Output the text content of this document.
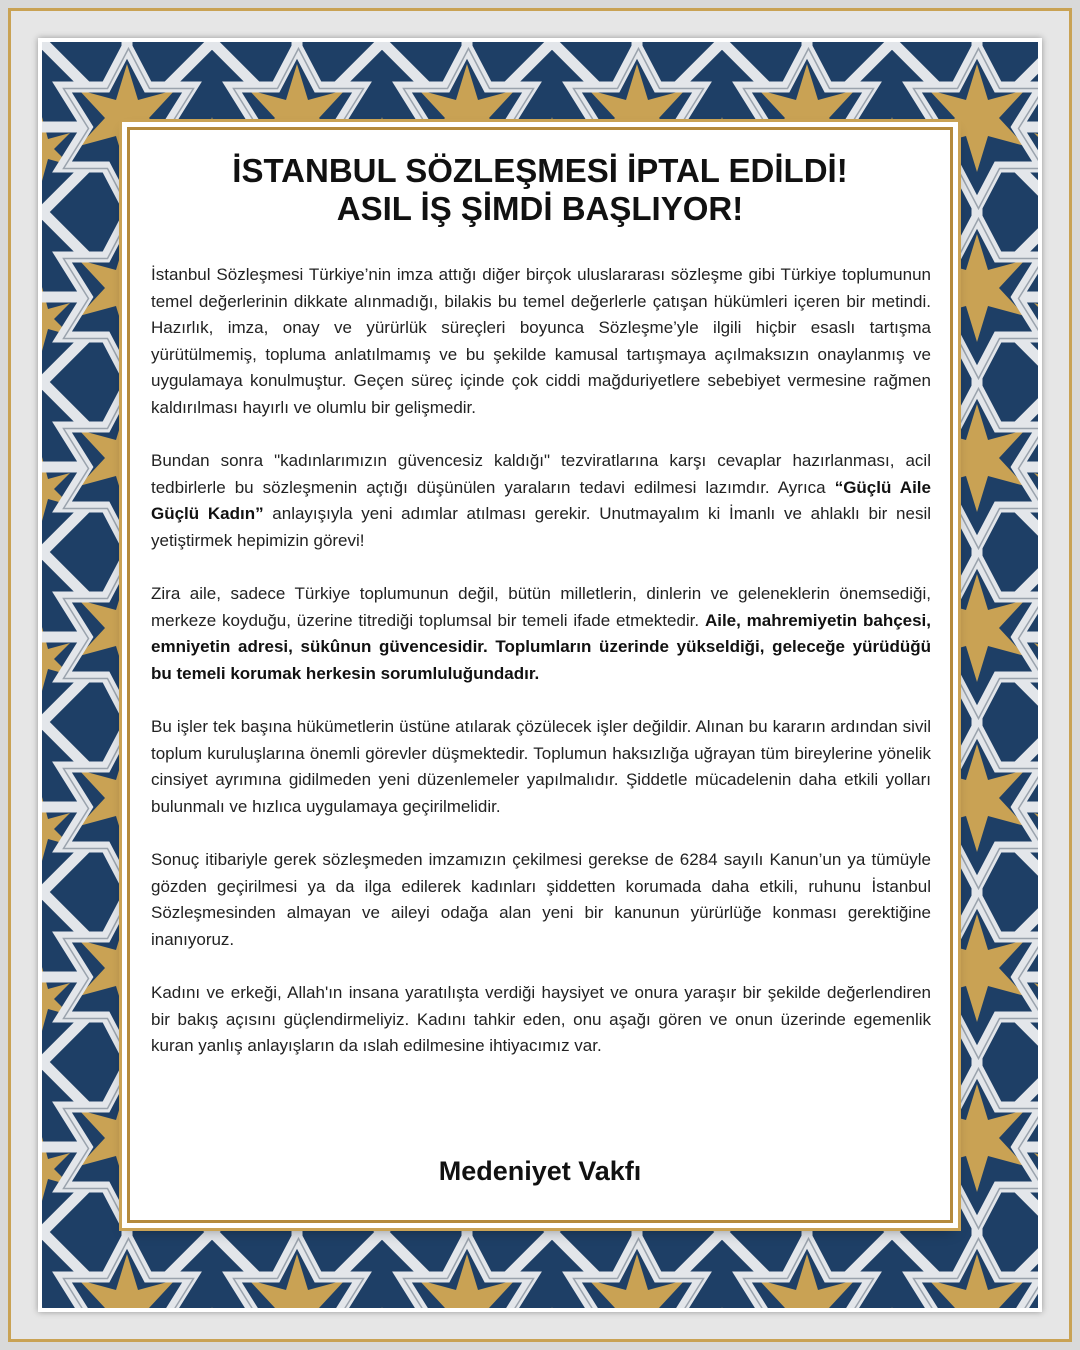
İSTANBUL SÖZLEŞMESİ İPTAL EDİLDİ!
ASIL İŞ ŞİMDİ BAŞLIYOR!

İstanbul Sözleşmesi Türkiye’nin imza attığı diğer birçok uluslararası sözleşme gibi Türkiye toplumunun temel değerlerinin dikkate alınmadığı, bilakis bu temel değerlerle çatışan hükümleri içeren bir metindi. Hazırlık, imza, onay ve yürürlük süreçleri boyunca Sözleşme’yle ilgili hiçbir esaslı tartışma yürütülmemiş, topluma anlatılmamış ve bu şekilde kamusal tartışmaya açılmaksızın onaylanmış ve uygulamaya konulmuştur. Geçen süreç içinde çok ciddi mağduriyetlere sebebiyet vermesine rağmen kaldırılması hayırlı ve olumlu bir gelişmedir.

Bundan sonra "kadınlarımızın güvencesiz kaldığı" tezviratlarına karşı cevaplar hazırlanması, acil tedbirlerle bu sözleşmenin açtığı düşünülen yaraların tedavi edilmesi lazımdır. Ayrıca “Güçlü Aile Güçlü Kadın” anlayışıyla yeni adımlar atılması gerekir. Unutmayalım ki İmanlı ve ahlaklı bir nesil yetiştirmek hepimizin görevi!

Zira aile, sadece Türkiye toplumunun değil, bütün milletlerin, dinlerin ve geleneklerin önemsediği, merkeze koyduğu, üzerine titrediği toplumsal bir temeli ifade etmektedir. Aile, mahremiyetin bahçesi, emniyetin adresi, sükûnun güvencesidir. Toplumların üzerinde yükseldiği, geleceğe yürüdüğü bu temeli korumak herkesin sorumluluğundadır.

Bu işler tek başına hükümetlerin üstüne atılarak çözülecek işler değildir. Alınan bu kararın ardından sivil toplum kuruluşlarına önemli görevler düşmektedir. Toplumun haksızlığa uğrayan tüm bireylerine yönelik cinsiyet ayrımına gidilmeden yeni düzenlemeler yapılmalıdır. Şiddetle mücadelenin daha etkili yolları bulunmalı ve hızlıca uygulamaya geçirilmelidir.

Sonuç itibariyle gerek sözleşmeden imzamızın çekilmesi gerekse de 6284 sayılı Kanun’un ya tümüyle gözden geçirilmesi ya da ilga edilerek kadınları şiddetten korumada daha etkili, ruhunu İstanbul Sözleşmesinden almayan ve aileyi odağa alan yeni bir kanunun yürürlüğe konması gerektiğine inanıyoruz.

Kadını ve erkeği, Allah'ın insana yaratılışta verdiği haysiyet ve onura yaraşır bir şekilde değerlendiren bir bakış açısını güçlendirmeliyiz. Kadını tahkir eden, onu aşağı gören ve onun üzerinde egemenlik kuran yanlış anlayışların da ıslah edilmesine ihtiyacımız var.

Medeniyet Vakfı
